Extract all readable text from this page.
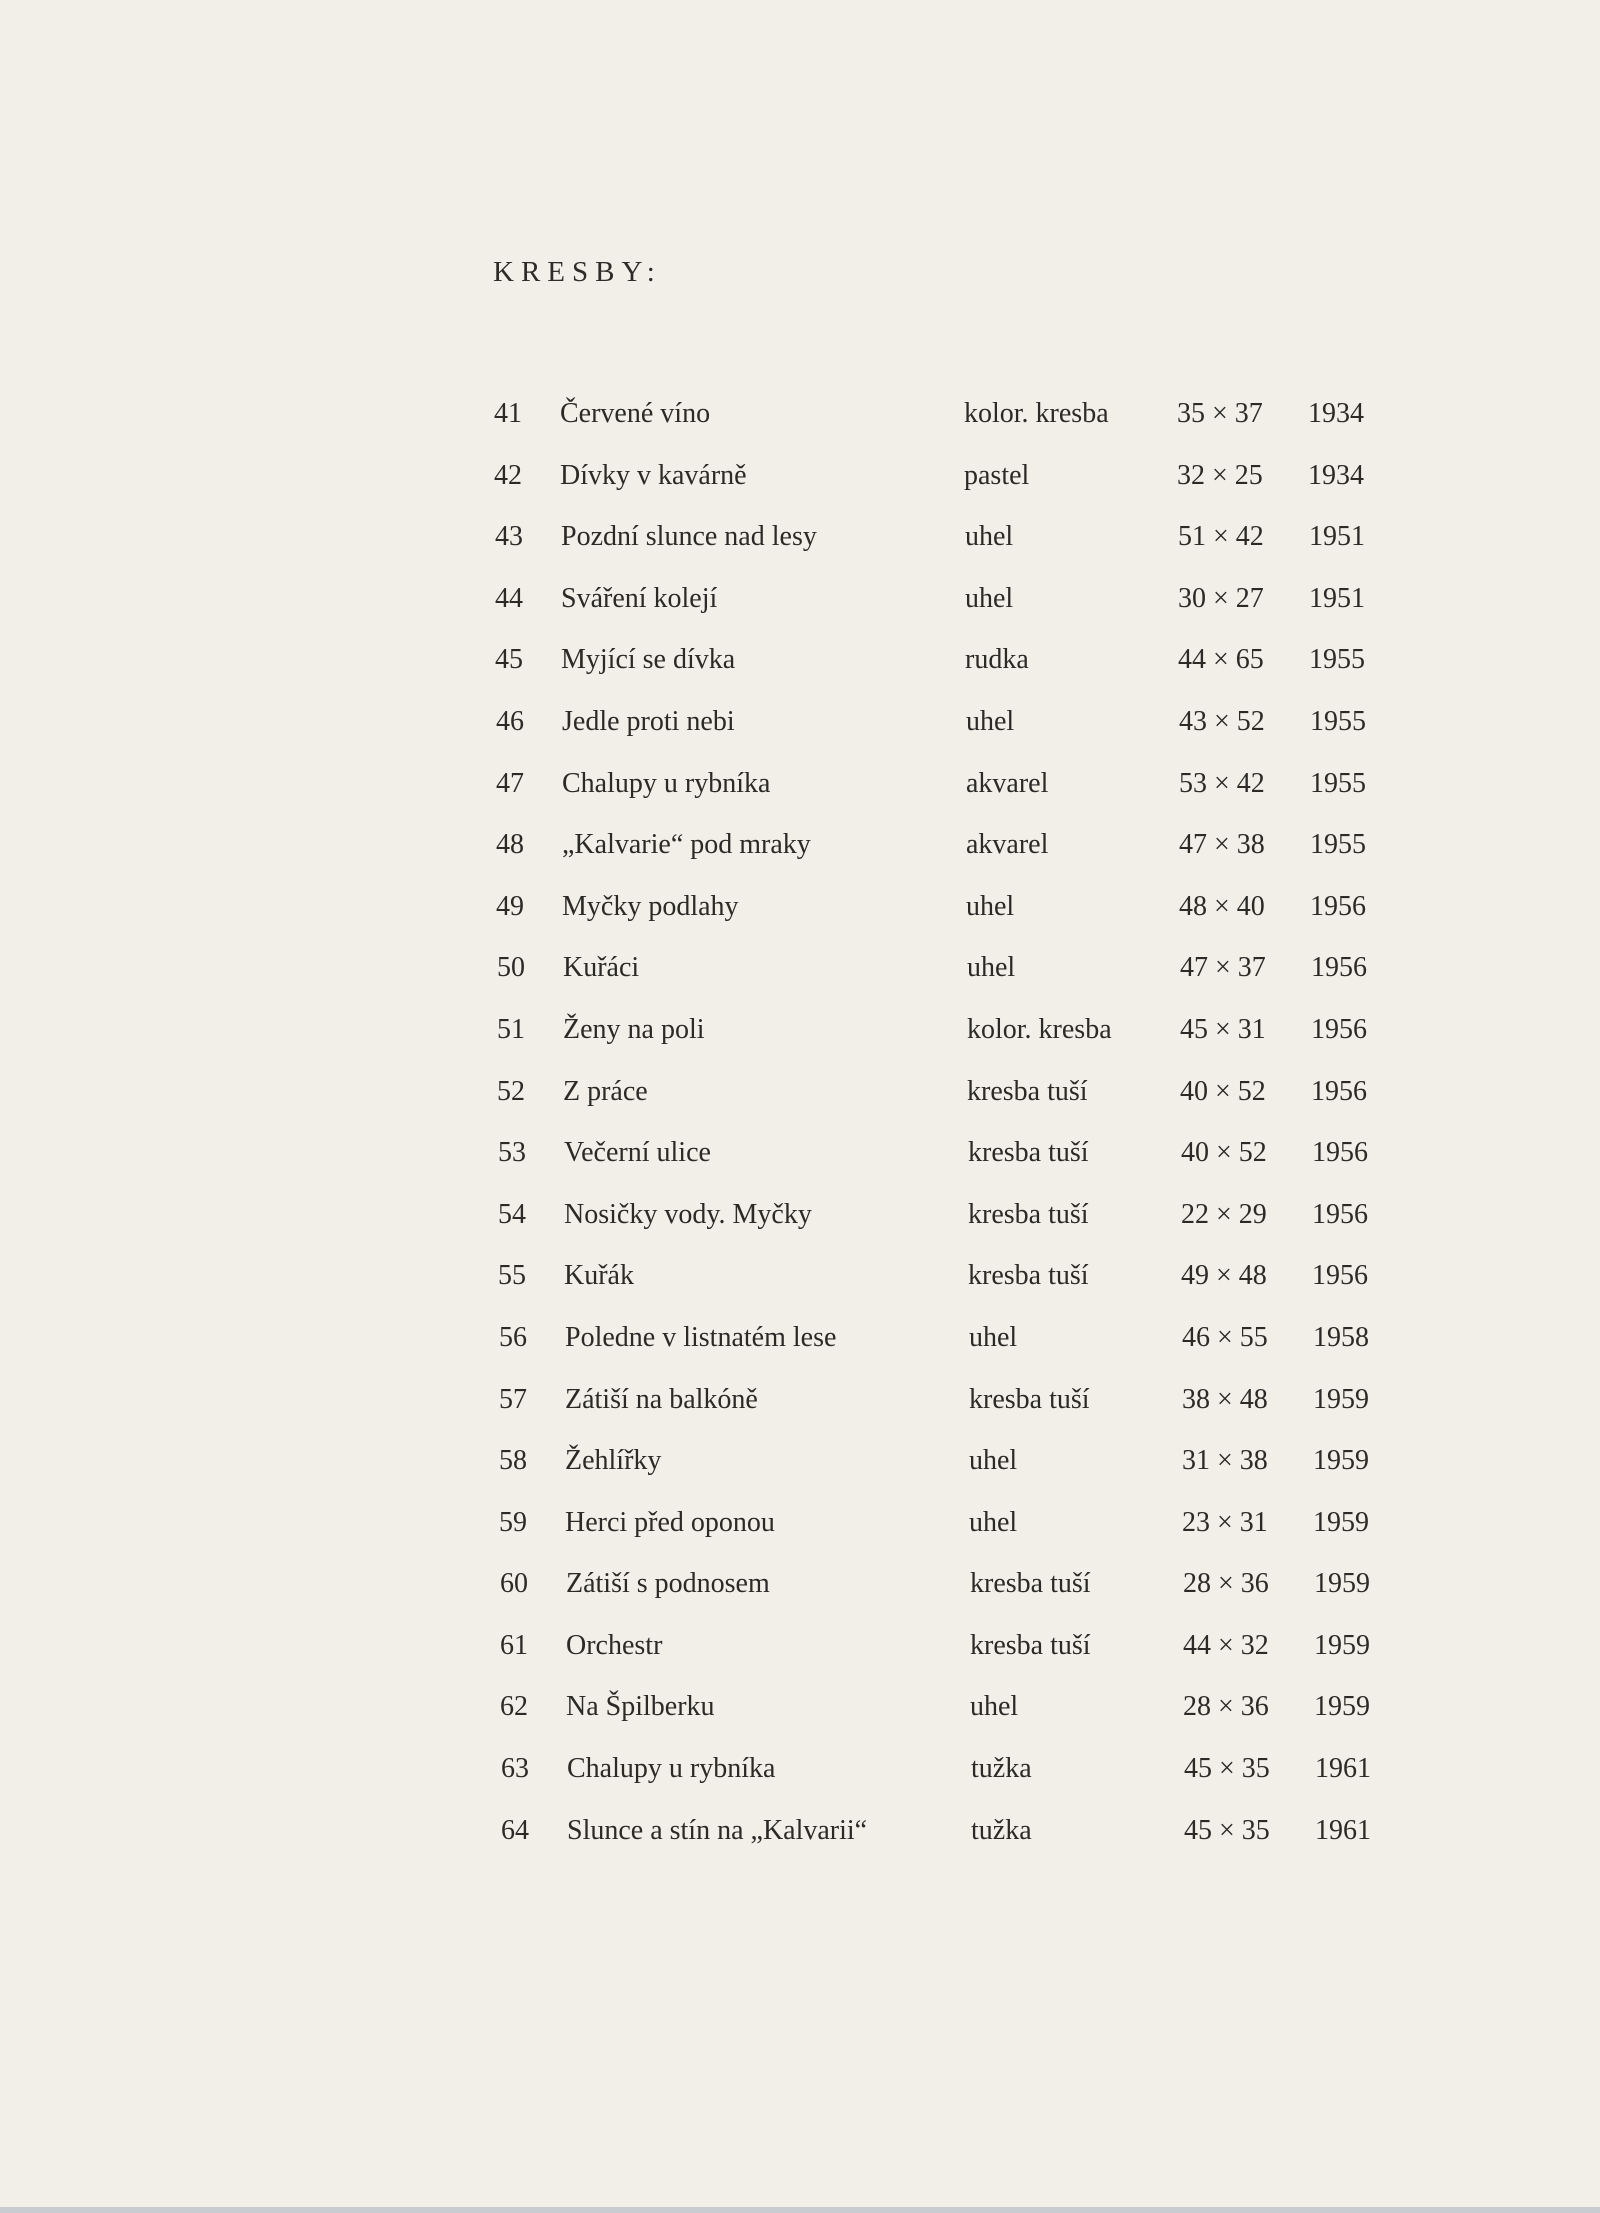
KRESBY:
41 Červené víno	kolor. kresba 35 × 37 1934
42 Dívky v kavárně	pastel	32 × 25 1934
43 Pozdní slunce nad lesy	uhel	51 × 42 1951
44 Sváření kolejí	uhel	30 × 27 1951
45 Myjící se dívka	rudka	44 × 65 1955
46 Jedle proti nebi	uhel	43 × 52 1955
47 Chalupy u rybníka	akvarel	53 × 42 1955
48 „Kalvarie“ pod mraky	akvarel	47 × 38 1955
49 Myčky podlahy	uhel	48 × 40 1956
50 Kuřáci	uhel	47 × 37 1956
51 Ženy na poli	kolor. kresba 45 × 31 1956
52 Z práce	kresba tuší	40 × 52 1956
53 Večerní ulice	kresba tuší	40 × 52 1956
54 Nosičky vody. Myčky	kresba tuší	22 × 29 1956
55 Kuřák	kresba tuší	49 × 48 1956
56 Poledne v listnatém lese	uhel	46 × 55 1958
57 Zátiší na balkóně	kresba tuší	38 × 48 1959
58 Žehlířky	uhel	31 × 38 1959
59 Herci před oponou	uhel	23 × 31 1959
60 Zátiší s podnosem	kresba tuší	28 × 36 1959
61 Orchestr	kresba tuší	44 × 32 1959
62 Na Špilberku	uhel	28 × 36 1959
63 Chalupy u rybníka	tužka	45 × 35 1961
64 Slunce a stín na „Kalvarii“	tužka	45 × 35 1961
